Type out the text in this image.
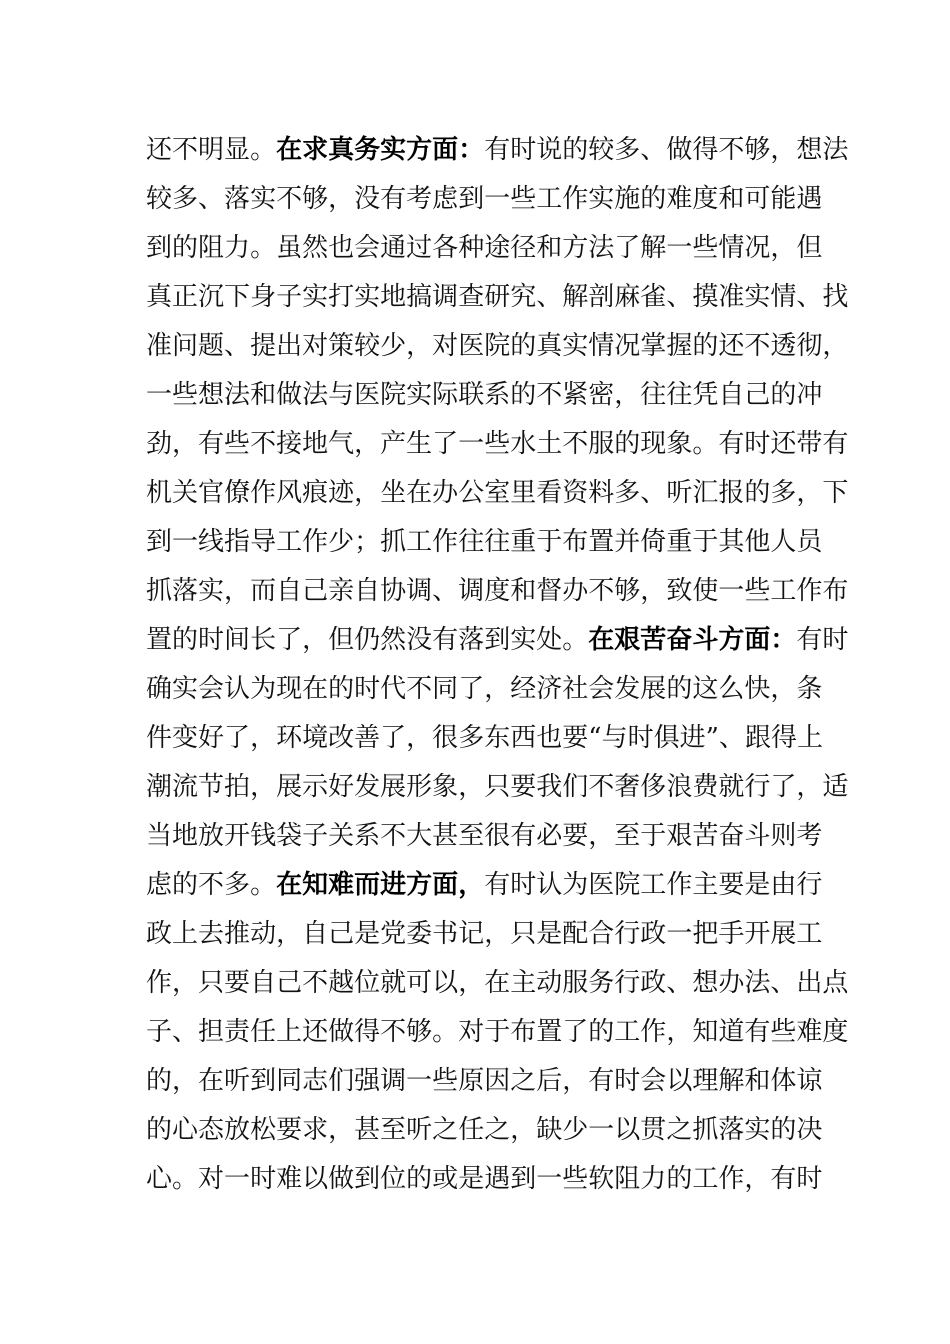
还 不 明 显 。 在 求 真 务 实 方 面 ： 有 时 说 的 较 多 、 做 得 不 够 ， 想 法
较 多 、 落 实 不 够 ， 没 有 考 虑 到 一 些 工 作 实 施 的 难 度 和 可 能 遇
到 的 阻 力 。 虽 然 也 会 通 过 各 种 途 径 和 方 法 了 解 一 些 情 况 ， 但
真 正 沉 下 身 子 实 打 实 地 搞 调 查 研 究 、 解 剖 麻 雀 、 摸 准 实 情 、 找
准 问 题 、 提 出 对 策 较 少 ， 对 医 院 的 真 实 情 况 掌 握 的 还 不 透 彻 ，
一 些 想 法 和 做 法 与 医 院 实 际 联 系 的 不 紧 密 ， 往 往 凭 自 己 的 冲
劲 ， 有 些 不 接 地 气 ， 产 生 了 一 些 水 土 不 服 的 现 象 。 有 时 还 带 有
机 关 官 僚 作 风 痕 迹 ， 坐 在 办 公 室 里 看 资 料 多 、 听 汇 报 的 多 ， 下
到 一 线 指 导 工 作 少 ； 抓 工 作 往 往 重 于 布 置 并 倚 重 于 其 他 人 员
抓 落 实 ， 而 自 己 亲 自 协 调 、 调 度 和 督 办 不 够 ， 致 使 一 些 工 作 布
置 的 时 间 长 了 ， 但 仍 然 没 有 落 到 实 处 。 在 艰 苦 奋 斗 方 面 ： 有 时
确 实 会 认 为 现 在 的 时 代 不 同 了 ， 经 济 社 会 发 展 的 这 么 快 ， 条
件 变 好 了 ， 环 境 改 善 了 ， 很 多 东 西 也 要 “ 与 时 俱 进 ” 、 跟 得 上
潮 流 节 拍 ， 展 示 好 发 展 形 象 ， 只 要 我 们 不 奢 侈 浪 费 就 行 了 ， 适
当 地 放 开 钱 袋 子 关 系 不 大 甚 至 很 有 必 要 ， 至 于 艰 苦 奋 斗 则 考
虑 的 不 多 。 在 知 难 而 进 方 面 ， 有 时 认 为 医 院 工 作 主 要 是 由 行
政 上 去 推 动 ， 自 己 是 党 委 书 记 ， 只 是 配 合 行 政 一 把 手 开 展 工
作 ， 只 要 自 己 不 越 位 就 可 以 ， 在 主 动 服 务 行 政 、 想 办 法 、 出 点
子 、 担 责 任 上 还 做 得 不 够 。 对 于 布 置 了 的 工 作 ， 知 道 有 些 难 度
的 ， 在 听 到 同 志 们 强 调 一 些 原 因 之 后 ， 有 时 会 以 理 解 和 体 谅
的 心 态 放 松 要 求 ， 甚 至 听 之 任 之 ， 缺 少 一 以 贯 之 抓 落 实 的 决
心 。 对 一 时 难 以 做 到 位 的 或 是 遇 到 一 些 软 阻 力 的 工 作 ， 有 时
